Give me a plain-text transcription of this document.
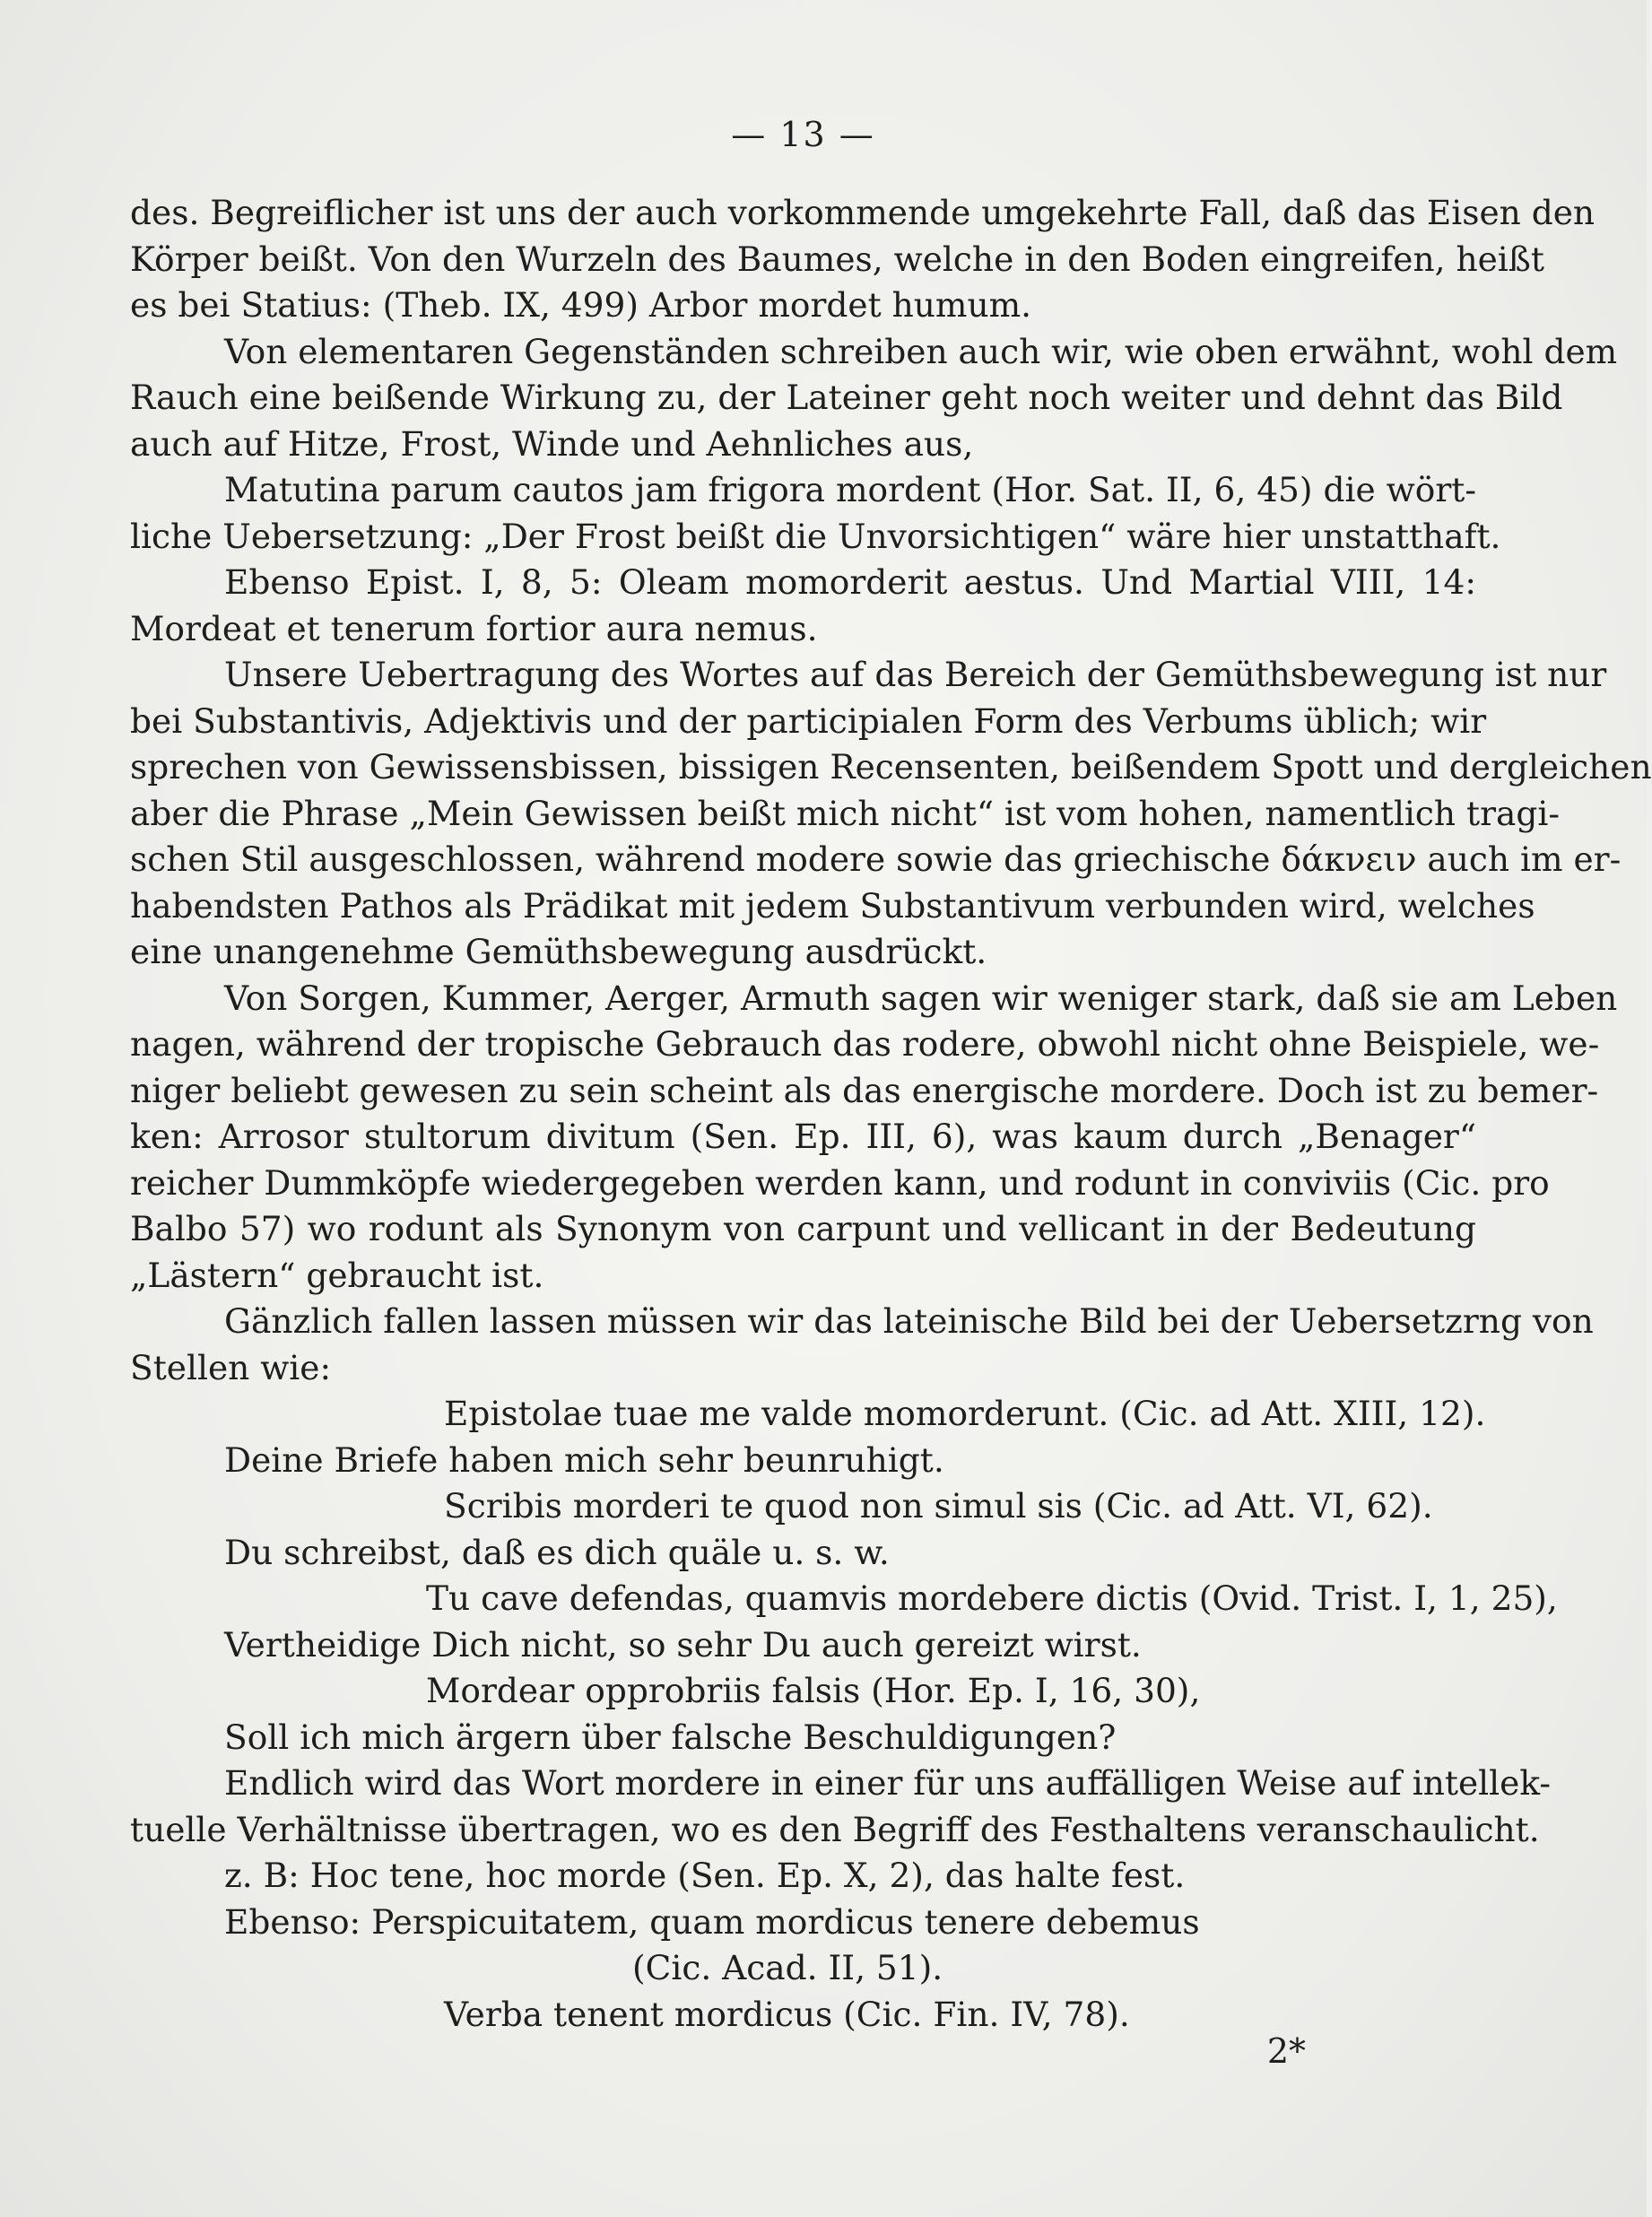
— 13 —
des. Begreiflicher ist uns der auch vorkommende umgekehrte Fall, daß das Eisen den
Körper beißt. Von den Wurzeln des Baumes, welche in den Boden eingreifen, heißt
es bei Statius: (Theb. IX, 499) Arbor mordet humum.
Von elementaren Gegenständen schreiben auch wir, wie oben erwähnt, wohl dem
Rauch eine beißende Wirkung zu, der Lateiner geht noch weiter und dehnt das Bild
auch auf Hitze, Frost, Winde und Aehnliches aus,
Matutina parum cautos jam frigora mordent (Hor. Sat. II, 6, 45) die wört-
liche Uebersetzung: „Der Frost beißt die Unvorsichtigen“ wäre hier unstatthaft.
Ebenso Epist. I, 8, 5: Oleam momorderit aestus. Und Martial VIII, 14:
Mordeat et tenerum fortior aura nemus.
Unsere Uebertragung des Wortes auf das Bereich der Gemüthsbewegung ist nur
bei Substantivis, Adjektivis und der participialen Form des Verbums üblich; wir
sprechen von Gewissensbissen, bissigen Recensenten, beißendem Spott und dergleichen
aber die Phrase „Mein Gewissen beißt mich nicht“ ist vom hohen, namentlich tragi-
schen Stil ausgeschlossen, während modere sowie das griechische δάκνειν auch im er-
habendsten Pathos als Prädikat mit jedem Substantivum verbunden wird, welches
eine unangenehme Gemüthsbewegung ausdrückt.
Von Sorgen, Kummer, Aerger, Armuth sagen wir weniger stark, daß sie am Leben
nagen, während der tropische Gebrauch das rodere, obwohl nicht ohne Beispiele, we-
niger beliebt gewesen zu sein scheint als das energische mordere. Doch ist zu bemer-
ken: Arrosor stultorum divitum (Sen. Ep. III, 6), was kaum durch „Benager“
reicher Dummköpfe wiedergegeben werden kann, und rodunt in conviviis (Cic. pro
Balbo 57) wo rodunt als Synonym von carpunt und vellicant in der Bedeutung
„Lästern“ gebraucht ist.
Gänzlich fallen lassen müssen wir das lateinische Bild bei der Uebersetzrng von
Stellen wie:
Epistolae tuae me valde momorderunt. (Cic. ad Att. XIII, 12).
Deine Briefe haben mich sehr beunruhigt.
Scribis morderi te quod non simul sis (Cic. ad Att. VI, 62).
Du schreibst, daß es dich quäle u. s. w.
Tu cave defendas, quamvis mordebere dictis (Ovid. Trist. I, 1, 25),
Vertheidige Dich nicht, so sehr Du auch gereizt wirst.
Mordear opprobriis falsis (Hor. Ep. I, 16, 30),
Soll ich mich ärgern über falsche Beschuldigungen?
Endlich wird das Wort mordere in einer für uns auffälligen Weise auf intellek-
tuelle Verhältnisse übertragen, wo es den Begriff des Festhaltens veranschaulicht.
z. B: Hoc tene, hoc morde (Sen. Ep. X, 2), das halte fest.
Ebenso: Perspicuitatem, quam mordicus tenere debemus
(Cic. Acad. II, 51).
Verba tenent mordicus (Cic. Fin. IV, 78).
2*
